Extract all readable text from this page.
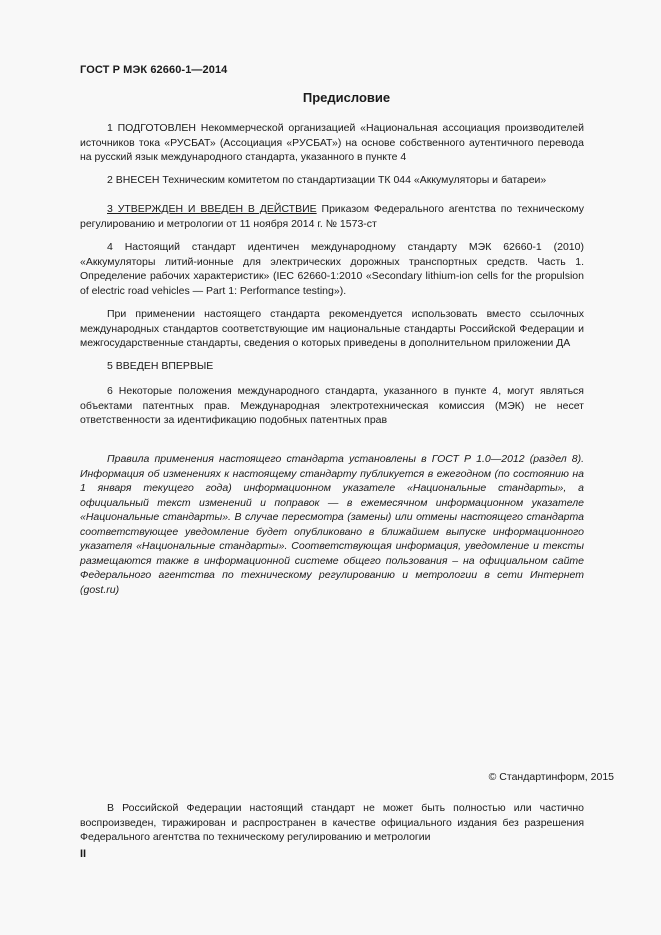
ГОСТ Р МЭК 62660-1—2014
Предисловие

1 ПОДГОТОВЛЕН Некоммерческой организацией «Национальная ассоциация производителей источников тока «РУСБАТ» (Ассоциация «РУСБАТ») на основе собственного аутентичного перевода на русский язык международного стандарта, указанного в пункте 4

2 ВНЕСЕН Техническим комитетом по стандартизации ТК 044 «Аккумуляторы и батареи»

3 УТВЕРЖДЕН И ВВЕДЕН В ДЕЙСТВИЕ Приказом Федерального агентства по техническому регулированию и метрологии от 11 ноября 2014 г. № 1573-ст

4 Настоящий стандарт идентичен международному стандарту МЭК 62660-1 (2010) «Аккумуляторы литий-ионные для электрических дорожных транспортных средств. Часть 1. Определение рабочих характеристик» (IEC 62660-1:2010 «Secondary lithium-ion cells for the propulsion of electric road vehicles — Part 1: Performance testing»).

При применении настоящего стандарта рекомендуется использовать вместо ссылочных международных стандартов соответствующие им национальные стандарты Российской Федерации и межгосударственные стандарты, сведения о которых приведены в дополнительном приложении ДА

5 ВВЕДЕН ВПЕРВЫЕ

6 Некоторые положения международного стандарта, указанного в пункте 4, могут являться объектами патентных прав. Международная электротехническая комиссия (МЭК) не несет ответственности за идентификацию подобных патентных прав

Правила применения настоящего стандарта установлены в ГОСТ Р 1.0—2012 (раздел 8). Информация об изменениях к настоящему стандарту публикуется в ежегодном (по состоянию на 1 января текущего года) информационном указателе «Национальные стандарты», а официальный текст изменений и поправок — в ежемесячном информационном указателе «Национальные стандарты». В случае пересмотра (замены) или отмены настоящего стандарта соответствующее уведомление будет опубликовано в ближайшем выпуске информационного указателя «Национальные стандарты». Соответствующая информация, уведомление и тексты размещаются также в информационной системе общего пользования – на официальном сайте Федерального агентства по техническому регулированию и метрологии в сети Интернет (gost.ru)

© Стандартинформ, 2015

В Российской Федерации настоящий стандарт не может быть полностью или частично воспроизведен, тиражирован и распространен в качестве официального издания без разрешения Федерального агентства по техническому регулированию и метрологии

II
